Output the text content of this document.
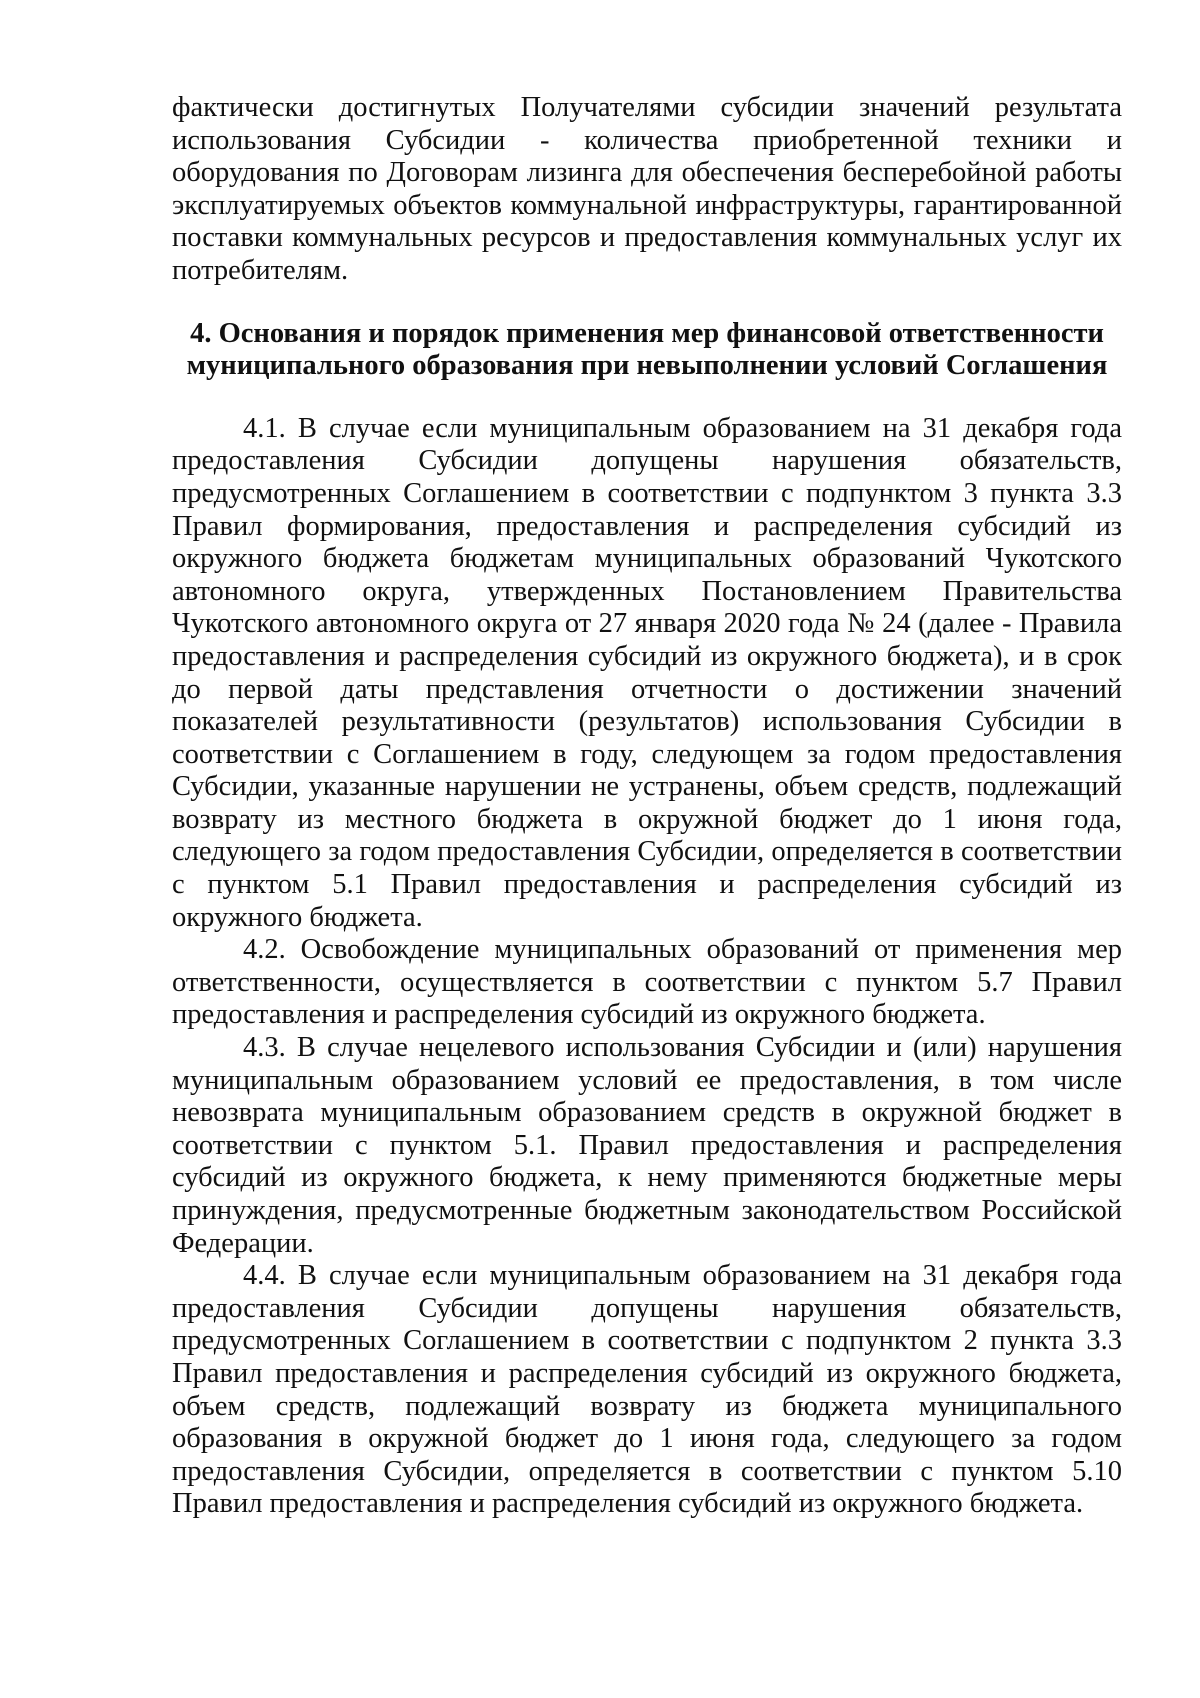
фактически достигнутых Получателями субсидии значений результата использования Субсидии - количества приобретенной техники и оборудования по Договорам лизинга для обеспечения бесперебойной работы эксплуатируемых объектов коммунальной инфраструктуры, гарантированной поставки коммунальных ресурсов и предоставления коммунальных услуг их потребителям.

4. Основания и порядок применения мер финансовой ответственности
муниципального образования при невыполнении условий Соглашения

4.1. В случае если муниципальным образованием на 31 декабря года предоставления Субсидии допущены нарушения обязательств, предусмотренных Соглашением в соответствии с подпунктом 3 пункта 3.3 Правил формирования, предоставления и распределения субсидий из окружного бюджета бюджетам муниципальных образований Чукотского автономного округа, утвержденных Постановлением Правительства Чукотского автономного округа от 27 января 2020 года № 24 (далее - Правила предоставления и распределения субсидий из окружного бюджета), и в срок до первой даты представления отчетности о достижении значений показателей результативности (результатов) использования Субсидии в соответствии с Соглашением в году, следующем за годом предоставления Субсидии, указанные нарушении не устранены, объем средств, подлежащий возврату из местного бюджета в окружной бюджет до 1 июня года, следующего за годом предоставления Субсидии, определяется в соответствии с пунктом 5.1 Правил предоставления и распределения субсидий из окружного бюджета.

4.2. Освобождение муниципальных образований от применения мер ответственности, осуществляется в соответствии с пунктом 5.7 Правил предоставления и распределения субсидий из окружного бюджета.

4.3. В случае нецелевого использования Субсидии и (или) нарушения муниципальным образованием условий ее предоставления, в том числе невозврата муниципальным образованием средств в окружной бюджет в соответствии с пунктом 5.1. Правил предоставления и распределения субсидий из окружного бюджета, к нему применяются бюджетные меры принуждения, предусмотренные бюджетным законодательством Российской Федерации.

4.4. В случае если муниципальным образованием на 31 декабря года предоставления Субсидии допущены нарушения обязательств, предусмотренных Соглашением в соответствии с подпунктом 2 пункта 3.3 Правил предоставления и распределения субсидий из окружного бюджета, объем средств, подлежащий возврату из бюджета муниципального образования в окружной бюджет до 1 июня года, следующего за годом предоставления Субсидии, определяется в соответствии с пунктом 5.10 Правил предоставления и распределения субсидий из окружного бюджета.
